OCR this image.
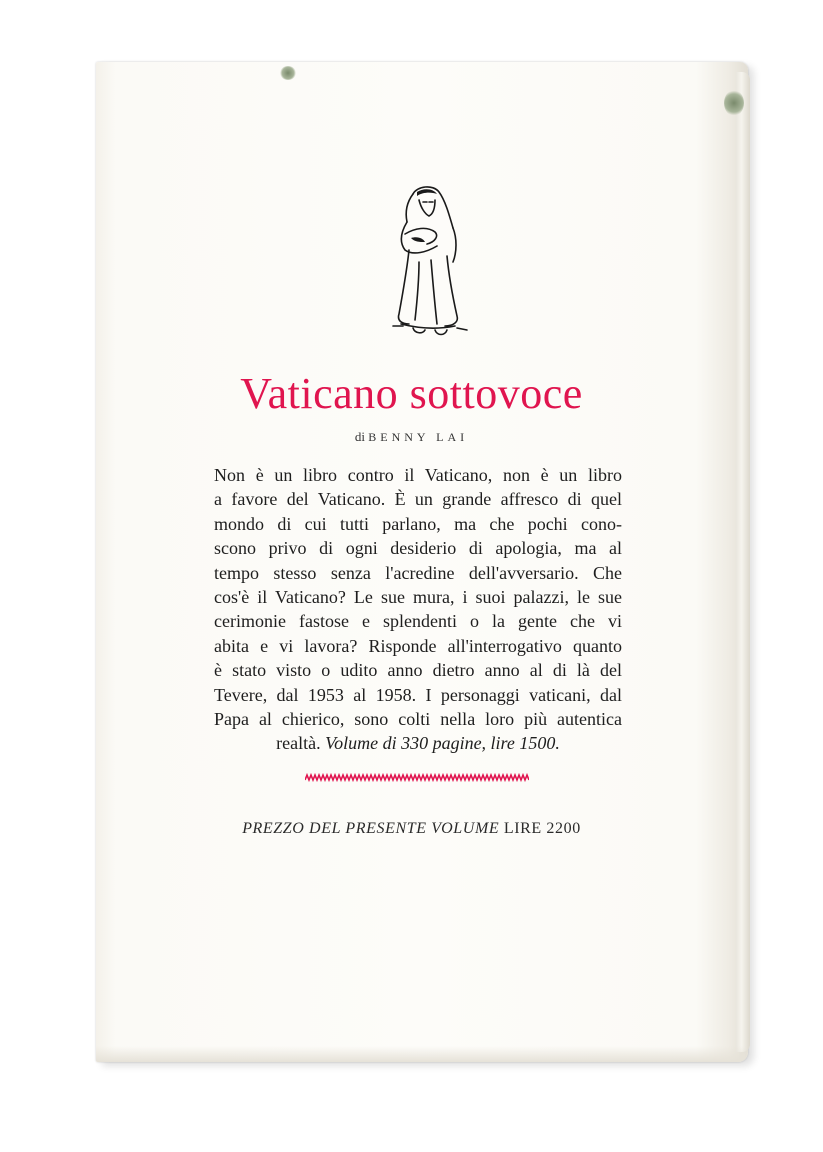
Vaticano sottovoce
di BENNY LAI
Non è un libro contro il Vaticano, non è un libro
a favore del Vaticano. È un grande affresco di quel
mondo di cui tutti parlano, ma che pochi cono-
scono privo di ogni desiderio di apologia, ma al
tempo stesso senza l'acredine dell'avversario. Che
cos'è il Vaticano? Le sue mura, i suoi palazzi, le sue
cerimonie fastose e splendenti o la gente che vi
abita e vi lavora? Risponde all'interrogativo quanto
è stato visto o udito anno dietro anno al di là del
Tevere, dal 1953 al 1958. I personaggi vaticani, dal
Papa al chierico, sono colti nella loro più autentica
realtà. Volume di 330 pagine, lire 1500.
PREZZO DEL PRESENTE VOLUME LIRE 2200
